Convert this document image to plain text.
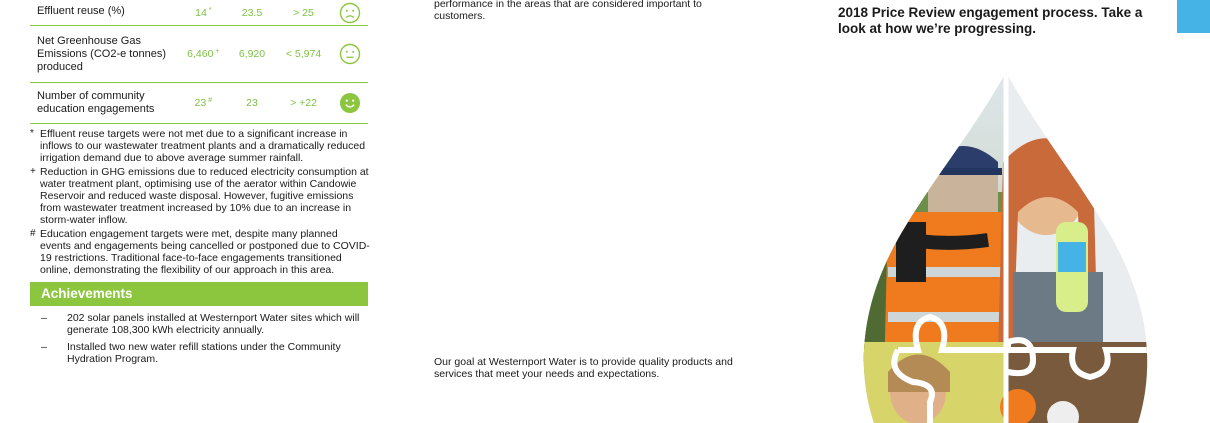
Effluent reuse (%)	14 *	23.5	> 25	

Net Greenhouse Gas Emissions (CO2-e tonnes) produced	6,460 +	6,920	< 5,974	

Number of community education engagements	23 #	23	> +22	
* Effluent reuse targets were not met due to a significant increase in inflows to our wastewater treatment plants and a dramatically reduced irrigation demand due to above average summer rainfall.
+ Reduction in GHG emissions due to reduced electricity consumption at water treatment plant, optimising use of the aerator within Candowie Reservoir and reduced waste disposal. However, fugitive emissions from wastewater treatment increased by 10% due to an increase in storm-water inflow.
# Education engagement targets were met, despite many planned events and engagements being cancelled or postponed due to COVID-19 restrictions. Traditional face-to-face engagements transitioned online, demonstrating the flexibility of our approach in this area.
Achievements
– 202 solar panels installed at Westernport Water sites which will generate 108,300 kWh electricity annually.
– Installed two new water refill stations under the Community Hydration Program.
performance in the areas that are considered important to customers.
Our goal at Westernport Water is to provide quality products and services that meet your needs and expectations.
2018 Price Review engagement process. Take a look at how we’re progressing.
